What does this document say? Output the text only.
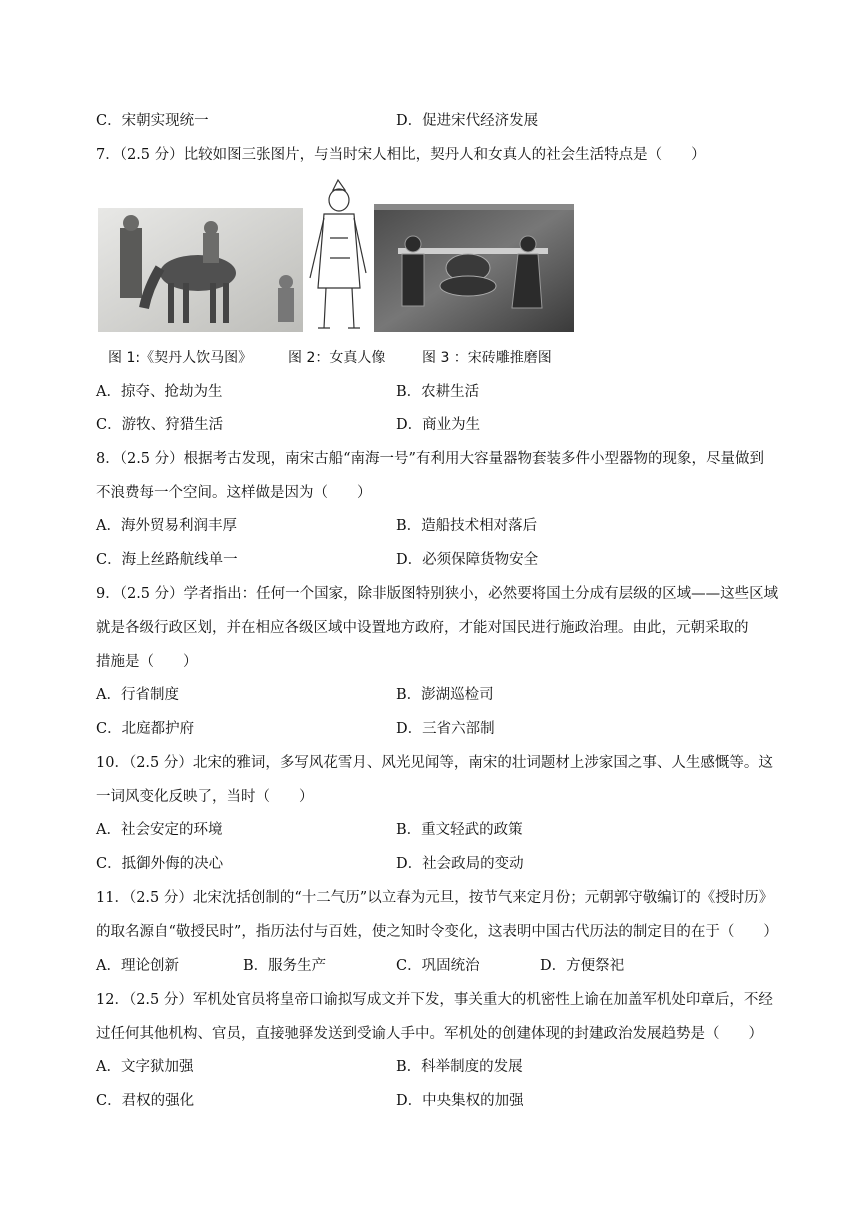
C．宋朝实现统一	D．促进宋代经济发展
7．（2.5 分）比较如图三张图片，与当时宋人相比，契丹人和女真人的社会生活特点是（　　）
图 1:《契丹人饮马图》	图 2：女真人像	图 3 ：宋砖雕推磨图
A．掠夺、抢劫为生	B．农耕生活
C．游牧、狩猎生活	D．商业为生
8．（2.5 分）根据考古发现，南宋古船“南海一号”有利用大容量器物套装多件小型器物的现象，尽量做到
不浪费每一个空间。这样做是因为（　　）
A．海外贸易利润丰厚	B．造船技术相对落后
C．海上丝路航线单一	D．必须保障货物安全
9．（2.5 分）学者指出：任何一个国家，除非版图特别狭小，必然要将国土分成有层级的区域——这些区域
就是各级行政区划，并在相应各级区域中设置地方政府，才能对国民进行施政治理。由此，元朝采取的
措施是（　　）
A．行省制度	B．澎湖巡检司
C．北庭都护府	D．三省六部制
10．（2.5 分）北宋的雅词，多写风花雪月、风光见闻等，南宋的壮词题材上涉家国之事、人生感慨等。这
一词风变化反映了，当时（　　）
A．社会安定的环境	B．重文轻武的政策
C．抵御外侮的决心	D．社会政局的变动
11．（2.5 分）北宋沈括创制的“十二气历”以立春为元旦，按节气来定月份；元朝郭守敬编订的《授时历》
的取名源自“敬授民时”，指历法付与百姓，使之知时令变化，这表明中国古代历法的制定目的在于（　　）
A．理论创新	B．服务生产	C．巩固统治	D．方便祭祀
12．（2.5 分）军机处官员将皇帝口谕拟写成文并下发，事关重大的机密性上谕在加盖军机处印章后，不经
过任何其他机构、官员，直接驰驿发送到受谕人手中。军机处的创建体现的封建政治发展趋势是（　　）
A．文字狱加强	B．科举制度的发展
C．君权的强化	D．中央集权的加强
